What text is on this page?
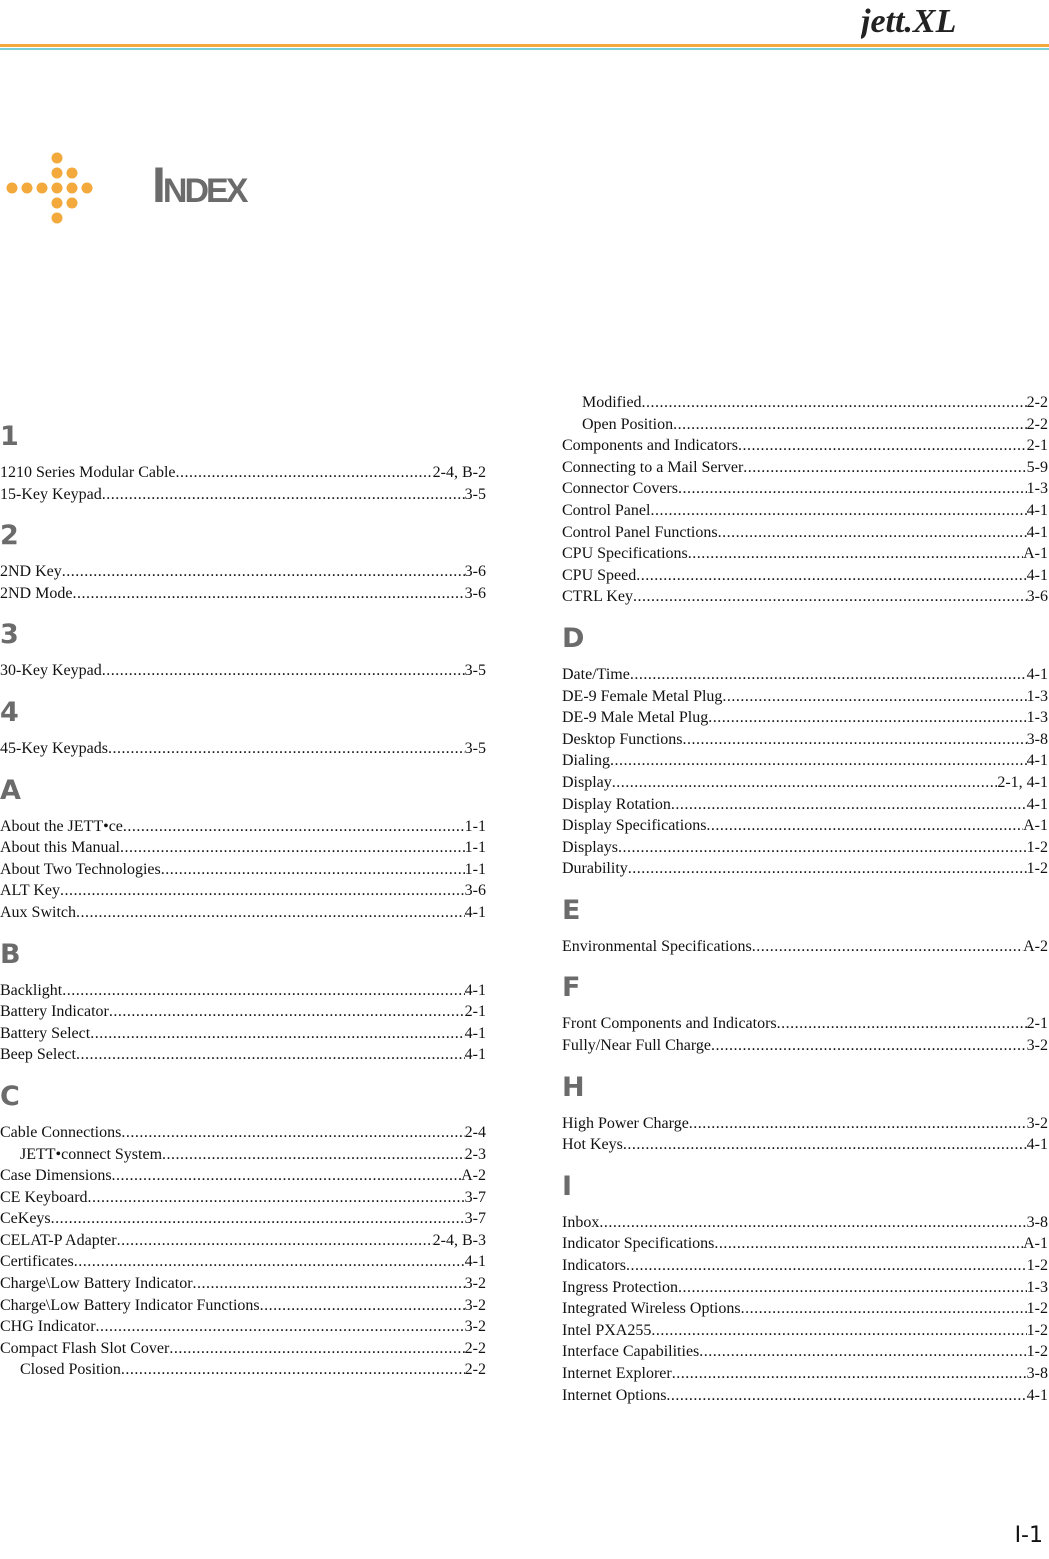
jett.XL
INDEX
1
1210 Series Modular Cable .....	2-4, B-2
15-Key Keypad .....	3-5
2
2ND Key .....	3-6
2ND Mode .....	3-6
3
30-Key Keypad .....	3-5
4
45-Key Keypads .....	3-5
A
About the JETT•ce .....	1-1
About this Manual .....	1-1
About Two Technologies .....	1-1
ALT Key .....	3-6
Aux Switch .....	4-1
B
Backlight .....	4-1
Battery Indicator .....	2-1
Battery Select .....	4-1
Beep Select .....	4-1
C
Cable Connections .....	2-4
JETT•connect System .....	2-3
Case Dimensions .....	A-2
CE Keyboard .....	3-7
CeKeys .....	3-7
CELAT-P Adapter .....	2-4, B-3
Certificates .....	4-1
Charge\Low Battery Indicator .....	3-2
Charge\Low Battery Indicator Functions .....	3-2
CHG Indicator .....	3-2
Compact Flash Slot Cover .....	2-2
Closed Position .....	2-2
Modified .....	2-2
Open Position .....	2-2
Components and Indicators .....	2-1
Connecting to a Mail Server .....	5-9
Connector Covers .....	1-3
Control Panel .....	4-1
Control Panel Functions .....	4-1
CPU Specifications .....	A-1
CPU Speed .....	4-1
CTRL Key .....	3-6
D
Date/Time .....	4-1
DE-9 Female Metal Plug .....	1-3
DE-9 Male Metal Plug .....	1-3
Desktop Functions .....	3-8
Dialing .....	4-1
Display .....	2-1, 4-1
Display Rotation .....	4-1
Display Specifications .....	A-1
Displays .....	1-2
Durability .....	1-2
E
Environmental Specifications .....	A-2
F
Front Components and Indicators .....	2-1
Fully/Near Full Charge .....	3-2
H
High Power Charge .....	3-2
Hot Keys .....	4-1
I
Inbox .....	3-8
Indicator Specifications .....	A-1
Indicators .....	1-2
Ingress Protection .....	1-3
Integrated Wireless Options .....	1-2
Intel PXA255 .....	1-2
Interface Capabilities .....	1-2
Internet Explorer .....	3-8
Internet Options .....	4-1
I-1
